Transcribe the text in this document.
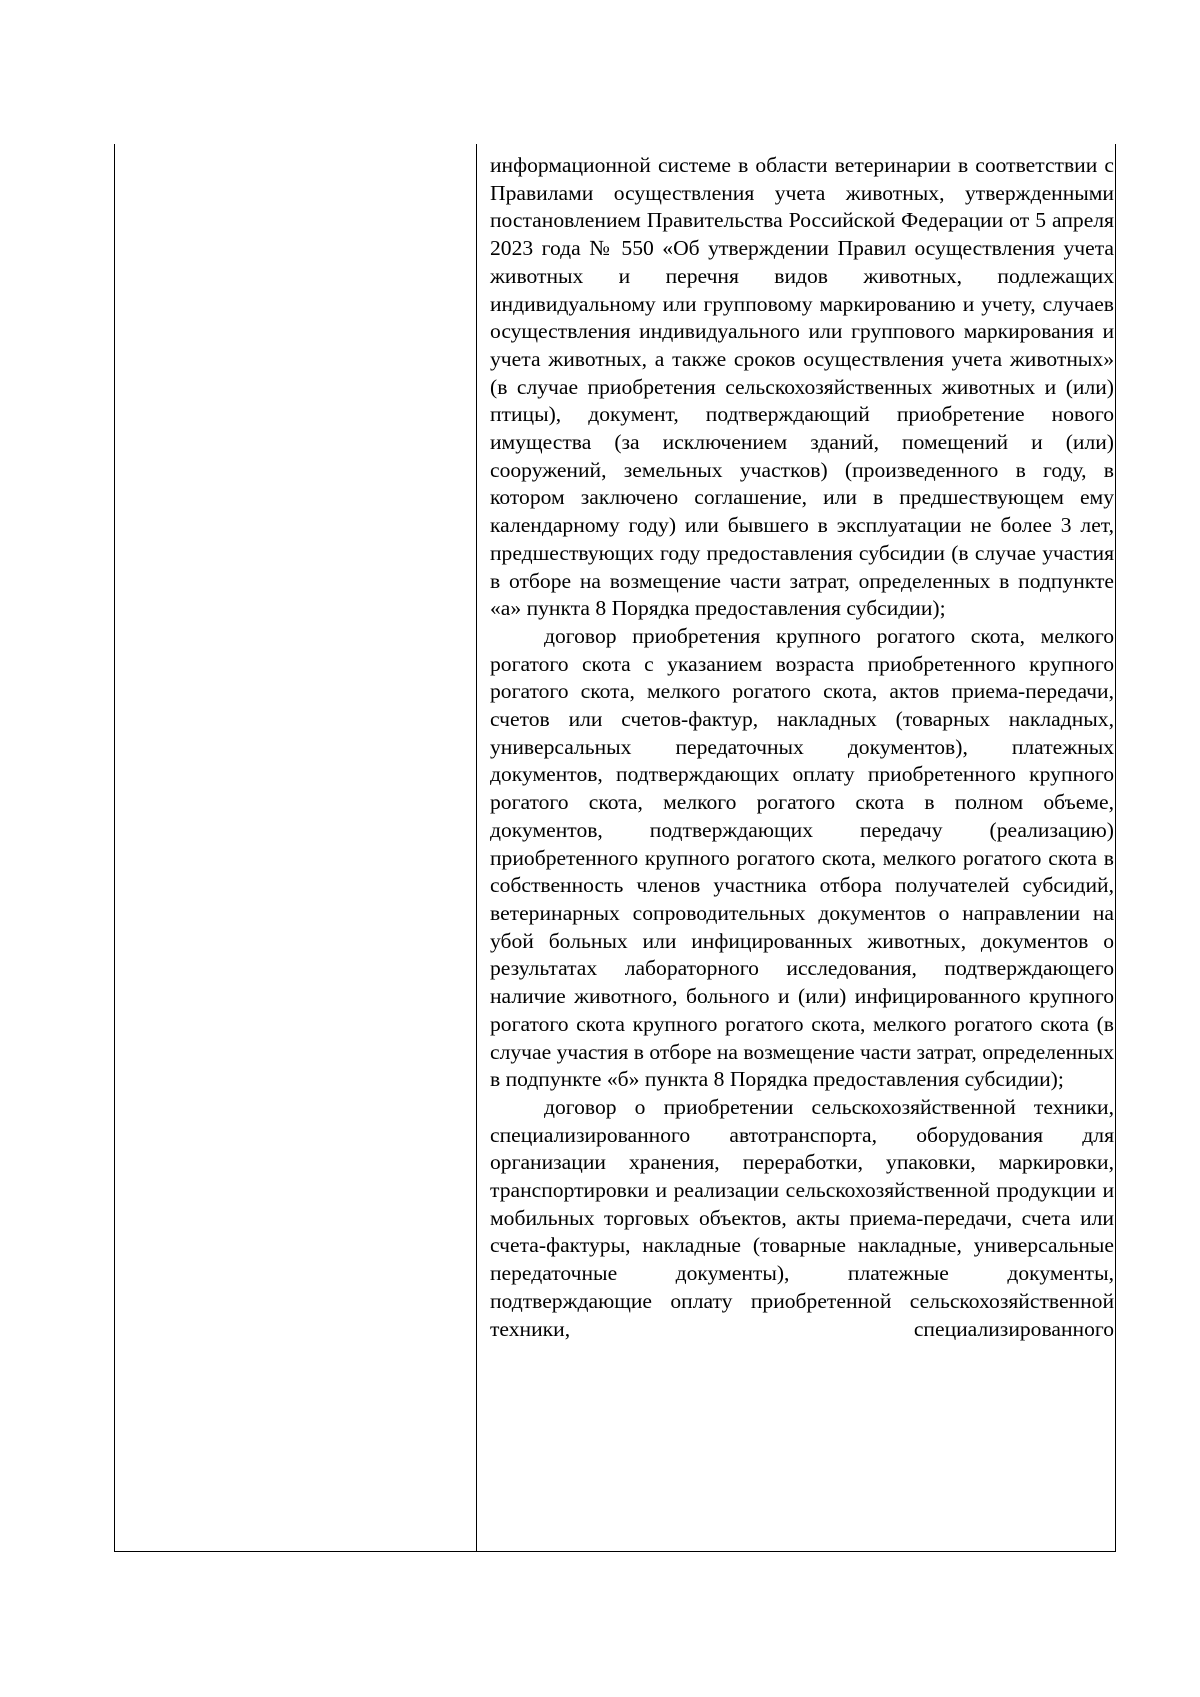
информационной системе в области ветеринарии в соответствии с Правилами осуществления учета животных, утвержденными постановлением Правительства Российской Федерации от 5 апреля 2023 года № 550 «Об утверждении Правил осуществления учета животных и перечня видов животных, подлежащих индивидуальному или групповому маркированию и учету, случаев осуществления индивидуального или группового маркирования и учета животных, а также сроков осуществления учета животных» (в случае приобретения сельскохозяйственных животных и (или) птицы), документ, подтверждающий приобретение нового имущества (за исключением зданий, помещений и (или) сооружений, земельных участков) (произведенного в году, в котором заключено соглашение, или в предшествующем ему календарному году) или бывшего в эксплуатации не более 3 лет, предшествующих году предоставления субсидии (в случае участия в отборе на возмещение части затрат, определенных в подпункте «а» пункта 8 Порядка предоставления субсидии);

договор приобретения крупного рогатого скота, мелкого рогатого скота с указанием возраста приобретенного крупного рогатого скота, мелкого рогатого скота, актов приема-передачи, счетов или счетов-фактур, накладных (товарных накладных, универсальных передаточных документов), платежных документов, подтверждающих оплату приобретенного крупного рогатого скота, мелкого рогатого скота в полном объеме, документов, подтверждающих передачу (реализацию) приобретенного крупного рогатого скота, мелкого рогатого скота в собственность членов участника отбора получателей субсидий, ветеринарных сопроводительных документов о направлении на убой больных или инфицированных животных, документов о результатах лабораторного исследования, подтверждающего наличие животного, больного и (или) инфицированного крупного рогатого скота крупного рогатого скота, мелкого рогатого скота (в случае участия в отборе на возмещение части затрат, определенных в подпункте «б» пункта 8 Порядка предоставления субсидии);

договор о приобретении сельскохозяйственной техники, специализированного автотранспорта, оборудования для организации хранения, переработки, упаковки, маркировки, транспортировки и реализации сельскохозяйственной продукции и мобильных торговых объектов, акты приема-передачи, счета или счета-фактуры, накладные (товарные накладные, универсальные передаточные документы), платежные документы, подтверждающие оплату приобретенной сельскохозяйственной техники, специализированного
